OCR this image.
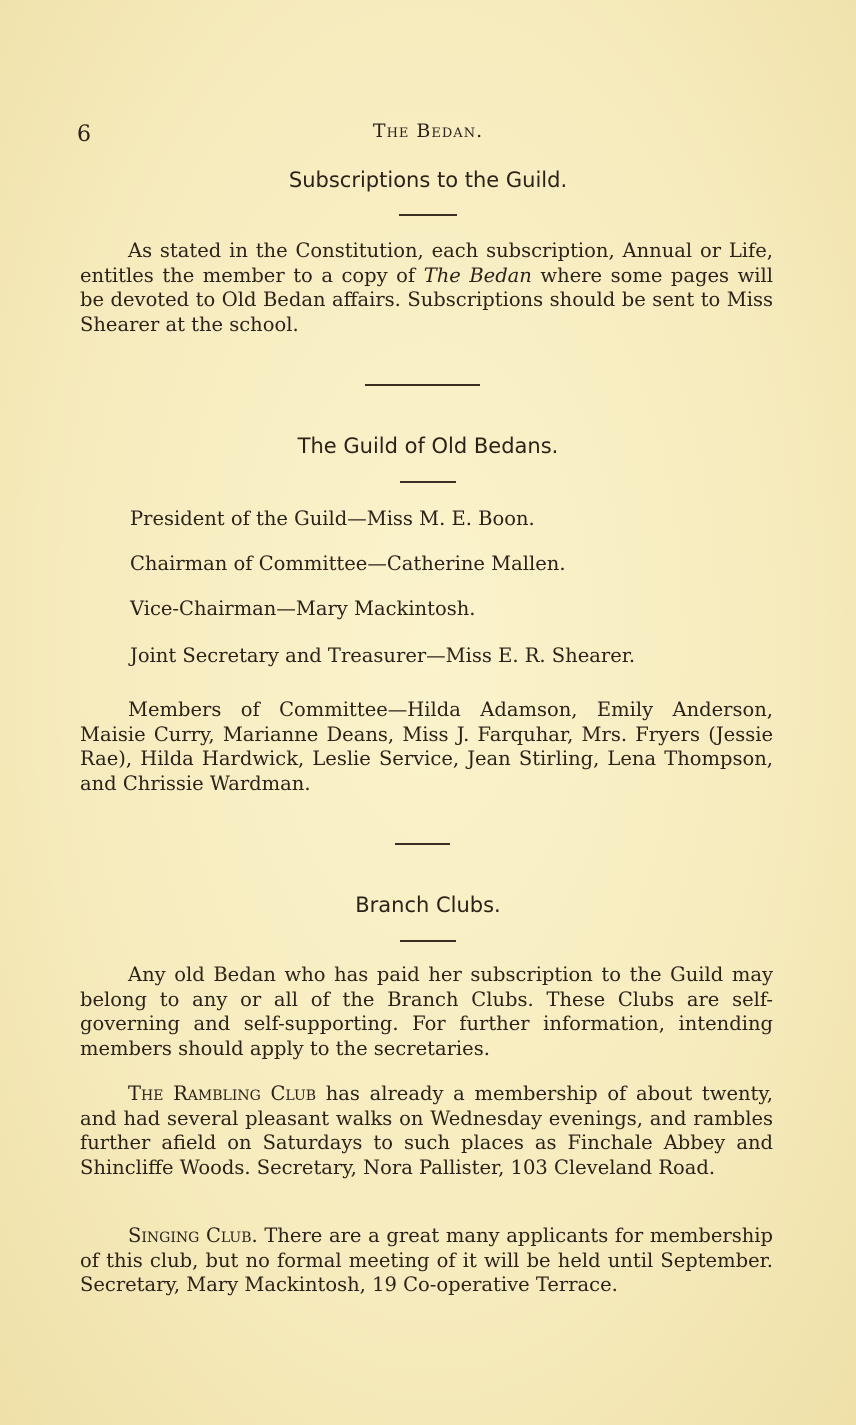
6	The Bedan.
Subscriptions to the Guild.
As stated in the Constitution, each subscription, Annual or Life, entitles the member to a copy of The Bedan where some pages will be devoted to Old Bedan affairs. Subscriptions should be sent to Miss Shearer at the school.
The Guild of Old Bedans.
President of the Guild—Miss M. E. Boon.
Chairman of Committee—Catherine Mallen.
Vice-Chairman—Mary Mackintosh.
Joint Secretary and Treasurer—Miss E. R. Shearer.
Members of Committee—Hilda Adamson, Emily Anderson, Maisie Curry, Marianne Deans, Miss J. Farquhar, Mrs. Fryers (Jessie Rae), Hilda Hardwick, Leslie Service, Jean Stirling, Lena Thompson, and Chrissie Wardman.
Branch Clubs.
Any old Bedan who has paid her subscription to the Guild may belong to any or all of the Branch Clubs. These Clubs are self-governing and self-supporting. For further information, intending members should apply to the secretaries.
The Rambling Club has already a membership of about twenty, and had several pleasant walks on Wednesday evenings, and rambles further afield on Saturdays to such places as Finchale Abbey and Shincliffe Woods. Secretary, Nora Pallister, 103 Cleveland Road.
Singing Club. There are a great many applicants for membership of this club, but no formal meeting of it will be held until September. Secretary, Mary Mackintosh, 19 Co-operative Terrace.
